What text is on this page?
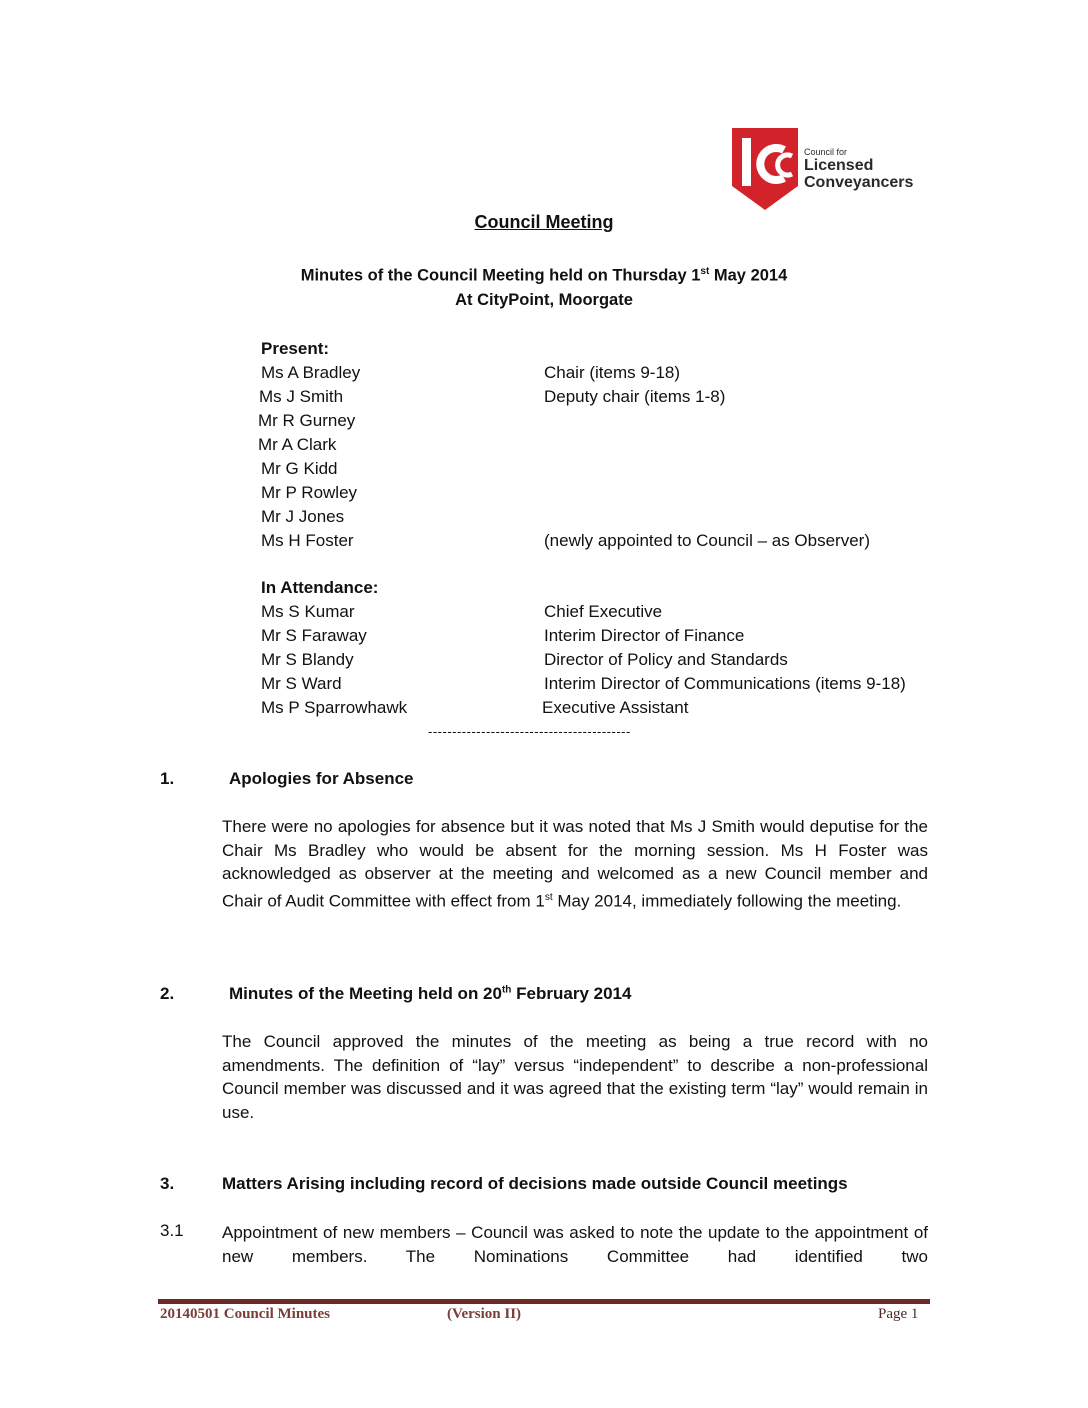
Council for
Licensed
Conveyancers
Council Meeting
Minutes of the Council Meeting held on Thursday 1st May 2014
At CityPoint, Moorgate
Present:
Ms A Bradley	Chair (items 9-18)
Ms J Smith	Deputy chair (items 1-8)
Mr R Gurney
Mr A Clark
Mr G Kidd
Mr P Rowley
Mr J Jones
Ms H Foster	(newly appointed to Council – as Observer)
In Attendance:
Ms S Kumar	Chief Executive
Mr S Faraway	Interim Director of Finance
Mr S Blandy	Director of Policy and Standards
Mr S Ward	Interim Director of Communications (items 9-18)
Ms P Sparrowhawk	Executive Assistant
------------------------------------------
1.	Apologies for Absence
There were no apologies for absence but it was noted that Ms J Smith would deputise for the Chair Ms Bradley who would be absent for the morning session. Ms H Foster was acknowledged as observer at the meeting and welcomed as a new Council member and Chair of Audit Committee with effect from 1st May 2014, immediately following the meeting.
2.	Minutes of the Meeting held on 20th February 2014
The Council approved the minutes of the meeting as being a true record with no amendments. The definition of “lay” versus “independent” to describe a non-professional Council member was discussed and it was agreed that the existing term “lay” would remain in use.
3.	Matters Arising including record of decisions made outside Council meetings
3.1 Appointment of new members – Council was asked to note the update to the appointment of new members. The Nominations Committee had identified two
20140501 Council Minutes	(Version II)	Page 1
